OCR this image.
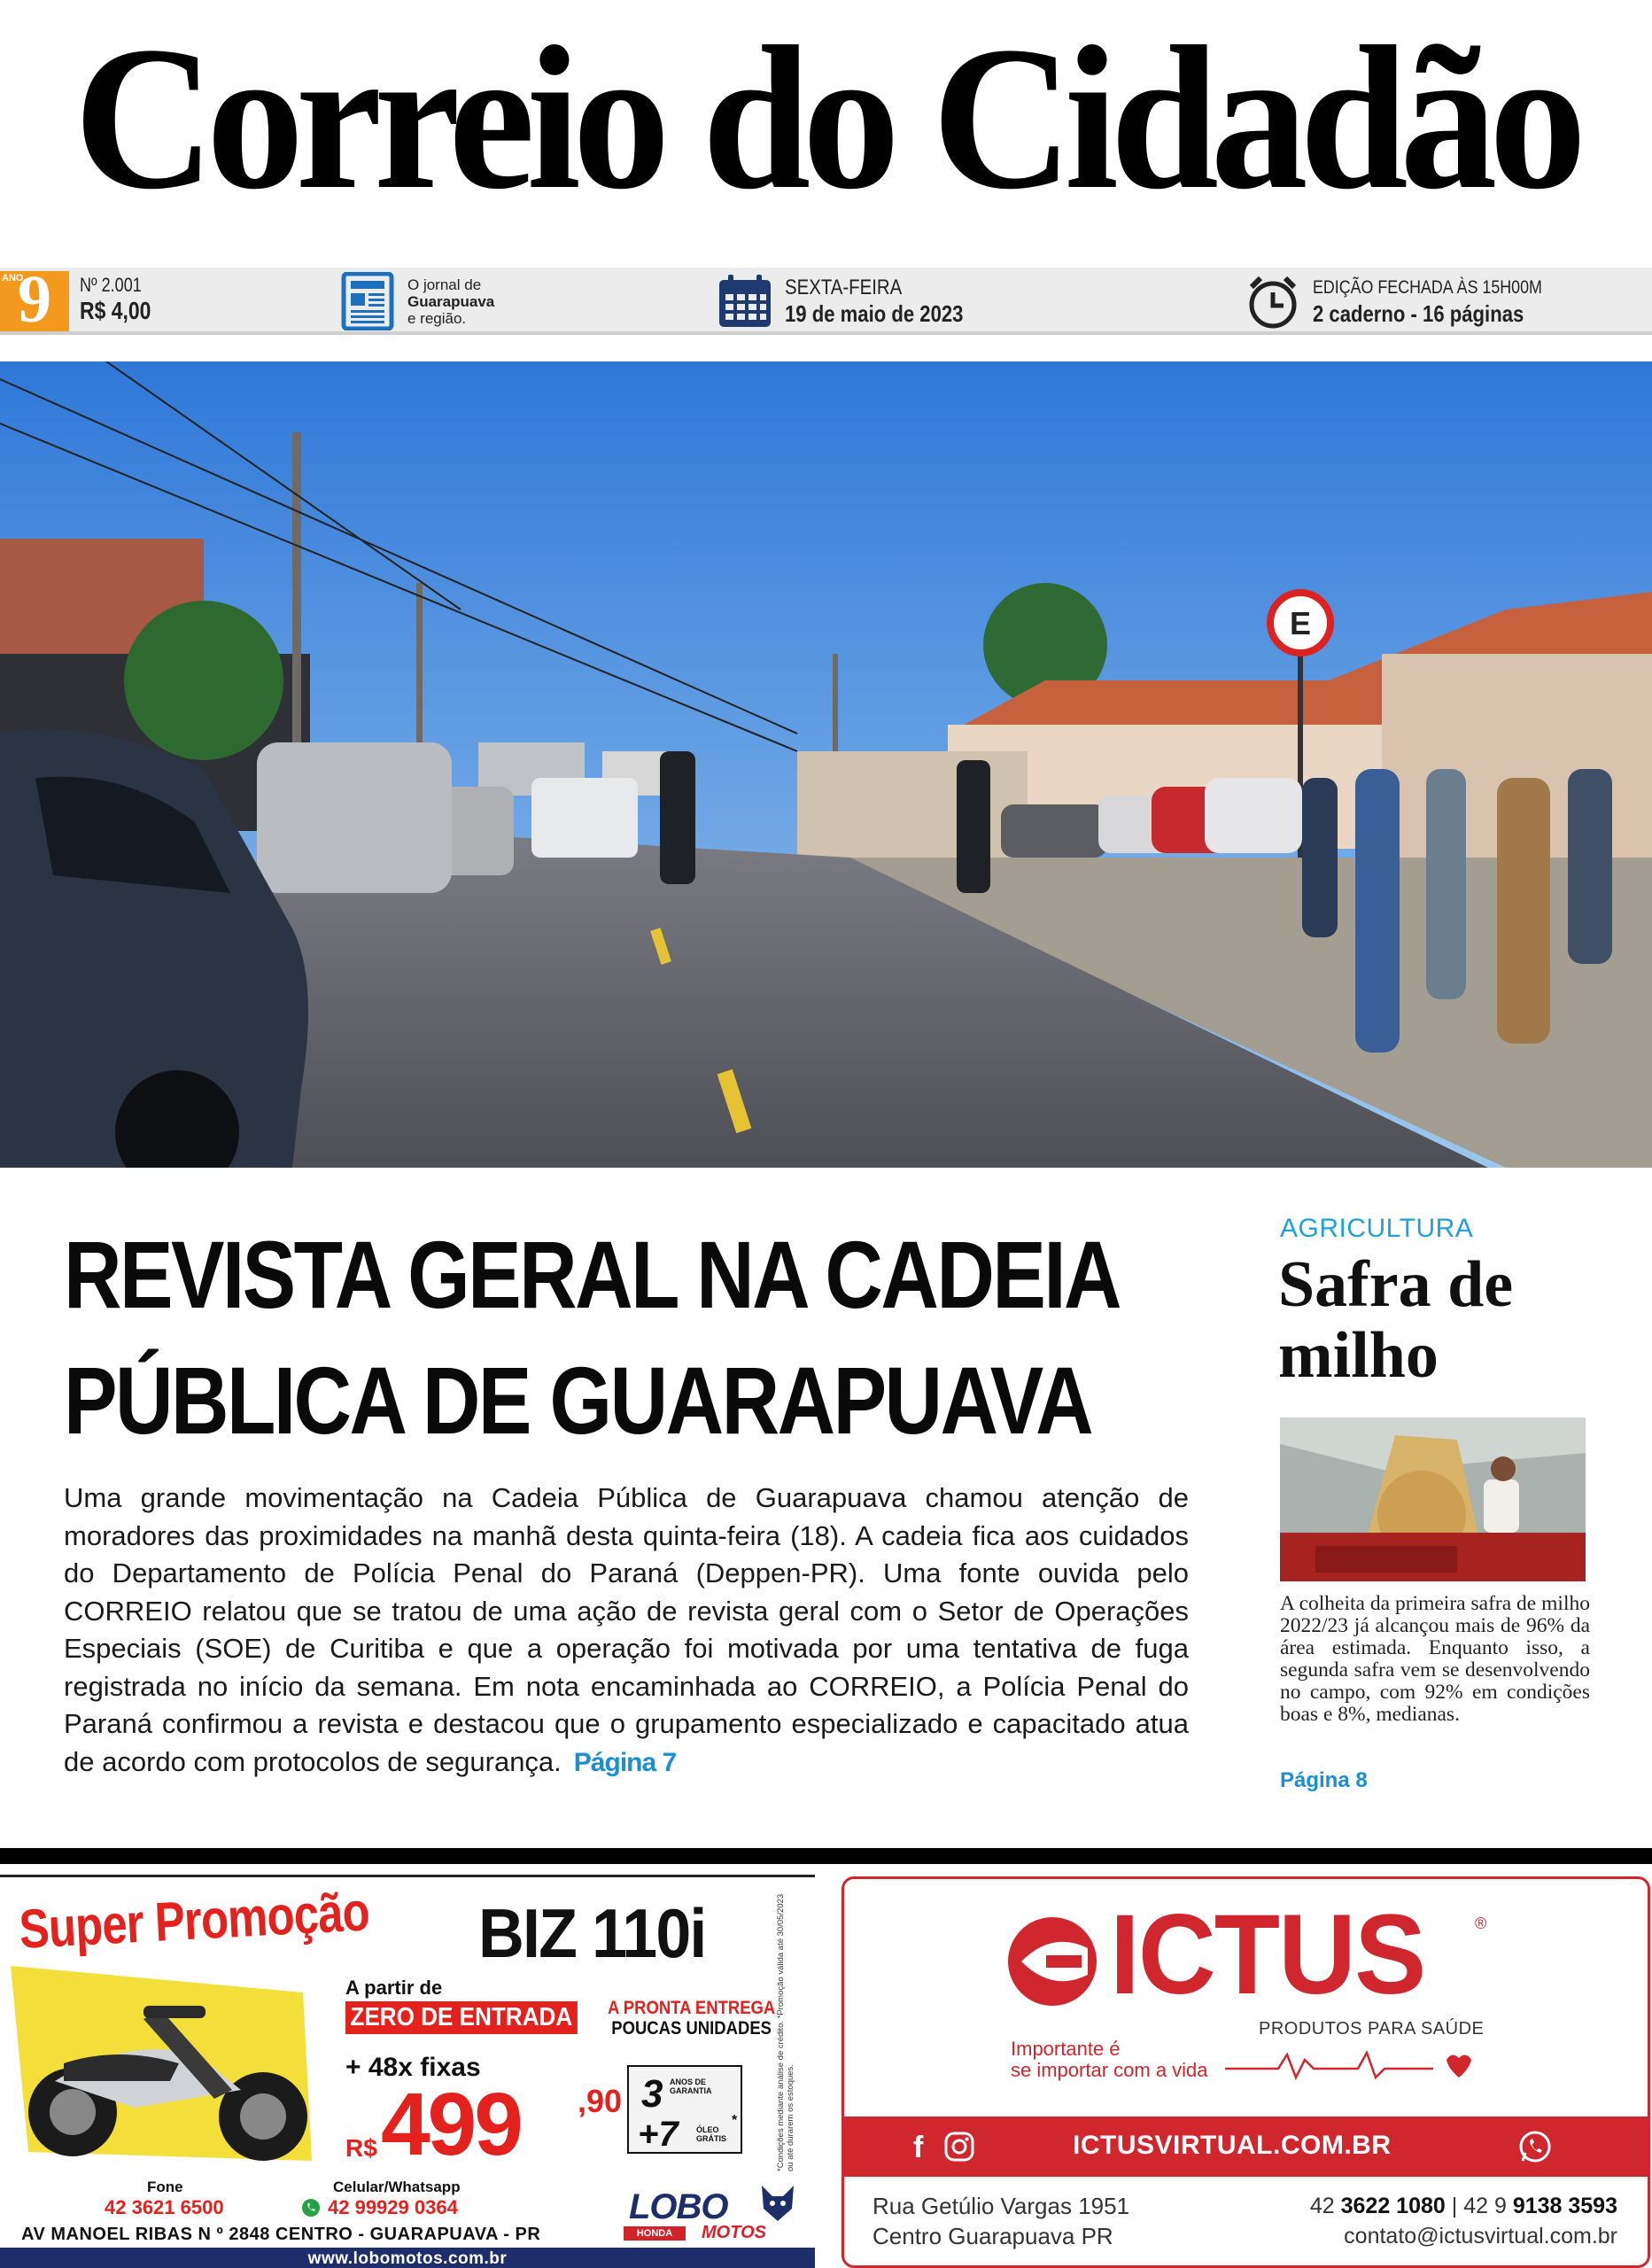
Correio do Cidadão
ANO
9	Nº 2.001
R$ 4,00
O jornal de
Guarapuava
e região.
SEXTA-FEIRA
19 de maio de 2023
EDIÇÃO FECHADA ÀS 15H00M
2 caderno - 16 páginas
E
REVISTA GERAL NA CADEIA
PÚBLICA DE GUARAPUAVA

Uma grande movimentação na Cadeia Pública de Guarapuava chamou atenção de moradores das proximidades na manhã desta quinta-feira (18). A cadeia fica aos cuidados do Departamento de Polícia Penal do Paraná (Deppen-PR). Uma fonte ouvida pelo CORREIO relatou que se tratou de uma ação de revista geral com o Setor de Operações Especiais (SOE) de Curitiba e que a operação foi motivada por uma tentativa de fuga registrada no início da semana. Em nota encaminhada ao CORREIO, a Polícia Penal do Paraná confirmou a revista e destacou que o grupamento especializado e capacitado atua de acordo com protocolos de segurança. Página 7

AGRICULTURA
Safra de
milho

A colheita da primeira safra de milho 2022/23 já alcançou mais de 96% da área estimada. Enquanto isso, a segunda safra vem se desenvolvendo no campo, com 92% em condições boas e 8%, medianas.

Página 8
Super Promoção BIZ 110i
A partir de
ZERO DE ENTRADA A PRONTA ENTREGA
POUCAS UNIDADES
+ 48x fixas
R$ 499 ,90 3 ANOS DE GARANTIA
+7 ÓLEO GRÁTIS
*	*Condições mediante análise de crédito. *Promoção válida até 30/05/2023 ou até durarem os estoques.
Fone
42 3621 6500
Celular/Whatsapp
42 99929 0364
AV MANOEL RIBAS N º 2848 CENTRO - GUARAPUAVA - PR
www.lobomotos.com.br
LOBO
HONDA	MOTOS
ICTUS	®
PRODUTOS PARA SAÚDE
Importante é
se importar com a vida
f	ICTUSVIRTUAL.COM.BR
Rua Getúlio Vargas 1951
Centro Guarapuava PR
42 3622 1080 | 42 9 9138 3593
contato@ictusvirtual.com.br
